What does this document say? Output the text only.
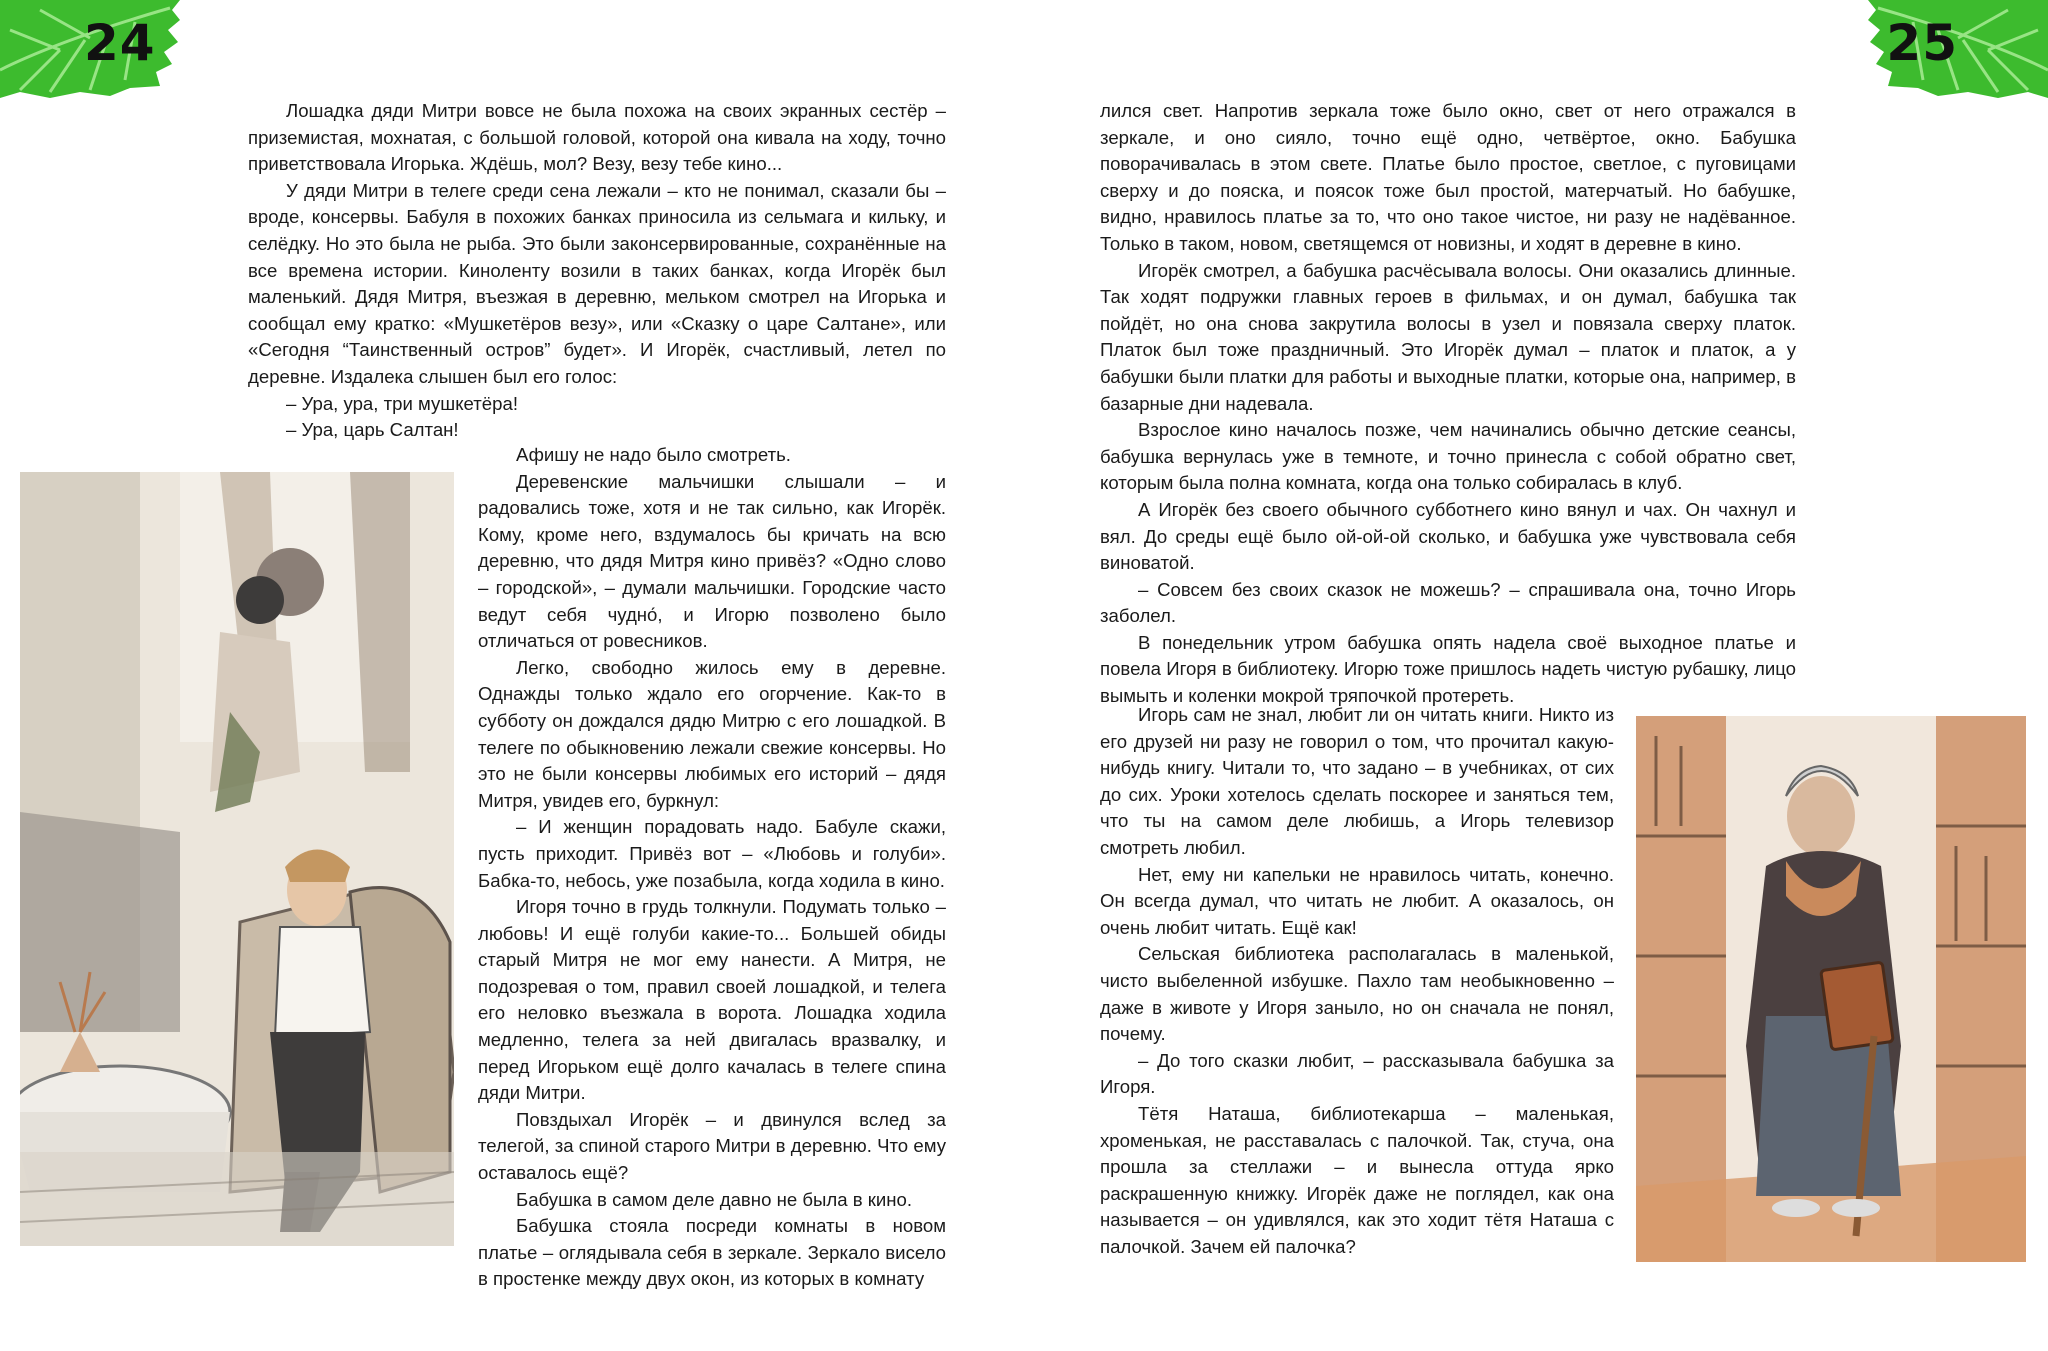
24	25

Лошадка дяди Митри вовсе не была похожа на своих экранных сестёр – приземистая, мохнатая, с большой головой, которой она кивала на ходу, точно приветствовала Игорька. Ждёшь, мол? Везу, везу тебе кино...

У дяди Митри в телеге среди сена лежали – кто не понимал, сказали бы – вроде, консервы. Бабуля в похожих банках приносила из сельмага и кильку, и селёдку. Но это была не рыба. Это были законсервированные, сохранённые на все времена истории. Киноленту возили в таких банках, когда Игорёк был маленький. Дядя Митря, въезжая в деревню, мельком смотрел на Игорька и сообщал ему кратко: «Мушкетёров везу», или «Сказку о царе Салтане», или «Сегодня “Таинственный остров” будет». И Игорёк, счастливый, летел по деревне. Издалека слышен был его голос:

– Ура, ура, три мушкетёра!

– Ура, царь Салтан!

Афишу не надо было смотреть.

Деревенские мальчишки слышали – и радовались тоже, хотя и не так сильно, как Игорёк. Кому, кроме него, вздумалось бы кричать на всю деревню, что дядя Митря кино привёз? «Одно слово – городской», – думали мальчишки. Городские часто ведут себя чудно́, и Игорю позволено было отличаться от ровесников.

Легко, свободно жилось ему в деревне. Однажды только ждало его огорчение. Как-то в субботу он дождался дядю Митрю с его лошадкой. В телеге по обыкновению лежали свежие консервы. Но это не были консервы любимых его историй – дядя Митря, увидев его, буркнул:

– И женщин порадовать надо. Бабуле скажи, пусть приходит. Привёз вот – «Любовь и голуби». Бабка-то, небось, уже позабыла, когда ходила в кино.

Игоря точно в грудь толкнули. Подумать только – любовь! И ещё голуби какие-то... Большей обиды старый Митря не мог ему нанести. А Митря, не подозревая о том, правил своей лошадкой, и телега его неловко въезжала в ворота. Лошадка ходила медленно, телега за ней двигалась вразвалку, и перед Игорьком ещё долго качалась в телеге спина дяди Митри.

Повздыхал Игорёк – и двинулся вслед за телегой, за спиной старого Митри в деревню. Что ему оставалось ещё?

Бабушка в самом деле давно не была в кино.

Бабушка стояла посреди комнаты в новом платье – оглядывала себя в зеркале. Зеркало висело в простенке между двух окон, из которых в комнату

лился свет. Напротив зеркала тоже было окно, свет от него отражался в зеркале, и оно сияло, точно ещё одно, четвёртое, окно. Бабушка поворачивалась в этом свете. Платье было простое, светлое, с пуговицами сверху и до пояска, и поясок тоже был простой, матерчатый. Но бабушке, видно, нравилось платье за то, что оно такое чистое, ни разу не надёванное. Только в таком, новом, светящемся от новизны, и ходят в деревне в кино.

Игорёк смотрел, а бабушка расчёсывала волосы. Они оказались длинные. Так ходят подружки главных героев в фильмах, и он думал, бабушка так пойдёт, но она снова закрутила волосы в узел и повязала сверху платок. Платок был тоже праздничный. Это Игорёк думал – платок и платок, а у бабушки были платки для работы и выходные платки, которые она, например, в базарные дни надевала.

Взрослое кино началось позже, чем начинались обычно детские сеансы, бабушка вернулась уже в темноте, и точно принесла с собой обратно свет, которым была полна комната, когда она только собиралась в клуб.

А Игорёк без своего обычного субботнего кино вянул и чах. Он чахнул и вял. До среды ещё было ой-ой-ой сколько, и бабушка уже чувствовала себя виноватой.

– Совсем без своих сказок не можешь? – спрашивала она, точно Игорь заболел.

В понедельник утром бабушка опять надела своё выходное платье и повела Игоря в библиотеку. Игорю тоже пришлось надеть чистую рубашку, лицо вымыть и коленки мокрой тряпочкой протереть.

Игорь сам не знал, любит ли он читать книги. Никто из его друзей ни разу не говорил о том, что прочитал какую-нибудь книгу. Читали то, что задано – в учебниках, от сих до сих. Уроки хотелось сделать поскорее и заняться тем, что ты на самом деле любишь, а Игорь телевизор смотреть любил.

Нет, ему ни капельки не нравилось читать, конечно. Он всегда думал, что читать не любит. А оказалось, он очень любит читать. Ещё как!

Сельская библиотека располагалась в маленькой, чисто выбеленной избушке. Пахло там необыкновенно – даже в животе у Игоря заныло, но он сначала не понял, почему.

– До того сказки любит, – рассказывала бабушка за Игоря.

Тётя Наташа, библиотекарша – маленькая, хроменькая, не расставалась с палочкой. Так, стуча, она прошла за стеллажи – и вынесла оттуда ярко раскрашенную книжку. Игорёк даже не поглядел, как она называется – он удивлялся, как это ходит тётя Наташа с палочкой. Зачем ей палочка?
